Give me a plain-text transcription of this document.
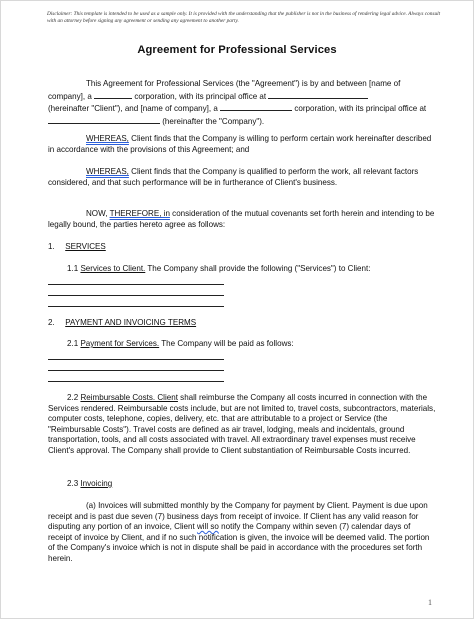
Disclaimer: This template is intended to be used as a sample only. It is provided with the understanding that the publisher is not in the business of rendering legal advice. Always consult with an attorney before signing any agreement or sending any agreement to another party.
Agreement for Professional Services
This Agreement for Professional Services (the "Agreement") is by and between [name of company], a	corporation, with its principal office at
(hereinafter "Client"), and [name of company], a	corporation, with its principal office at  (hereinafter the "Company").
WHEREAS, Client finds that the Company is willing to perform certain work hereinafter described in accordance with the provisions of this Agreement; and
WHEREAS, Client finds that the Company is qualified to perform the work, all relevant factors considered, and that such performance will be in furtherance of Client's business.
NOW, THEREFORE, in consideration of the mutual covenants set forth herein and intending to be legally bound, the parties hereto agree as follows:
1. SERVICES
1.1 Services to Client. The Company shall provide the following ("Services") to Client:
2. PAYMENT AND INVOICING TERMS
2.1 Payment for Services. The Company will be paid as follows:
2.2 Reimbursable Costs. Client shall reimburse the Company all costs incurred in connection with the Services rendered. Reimbursable costs include, but are not limited to, travel costs, subcontractors, materials, computer costs, telephone, copies, delivery, etc. that are attributable to a project or Service (the "Reimbursable Costs"). Travel costs are defined as air travel, lodging, meals and incidentals, ground transportation, tools, and all costs associated with travel. All extraordinary travel expenses must receive Client's approval. The Company shall provide to Client substantiation of Reimbursable Costs incurred.
2.3 Invoicing
(a) Invoices will submitted monthly by the Company for payment by Client. Payment is due upon receipt and is past due seven (7) business days from receipt of invoice. If Client has any valid reason for disputing any portion of an invoice, Client will so notify the Company within seven (7) calendar days of receipt of invoice by Client, and if no such notification is given, the invoice will be deemed valid. The portion of the Company's invoice which is not in dispute shall be paid in accordance with the procedures set forth herein.
1
